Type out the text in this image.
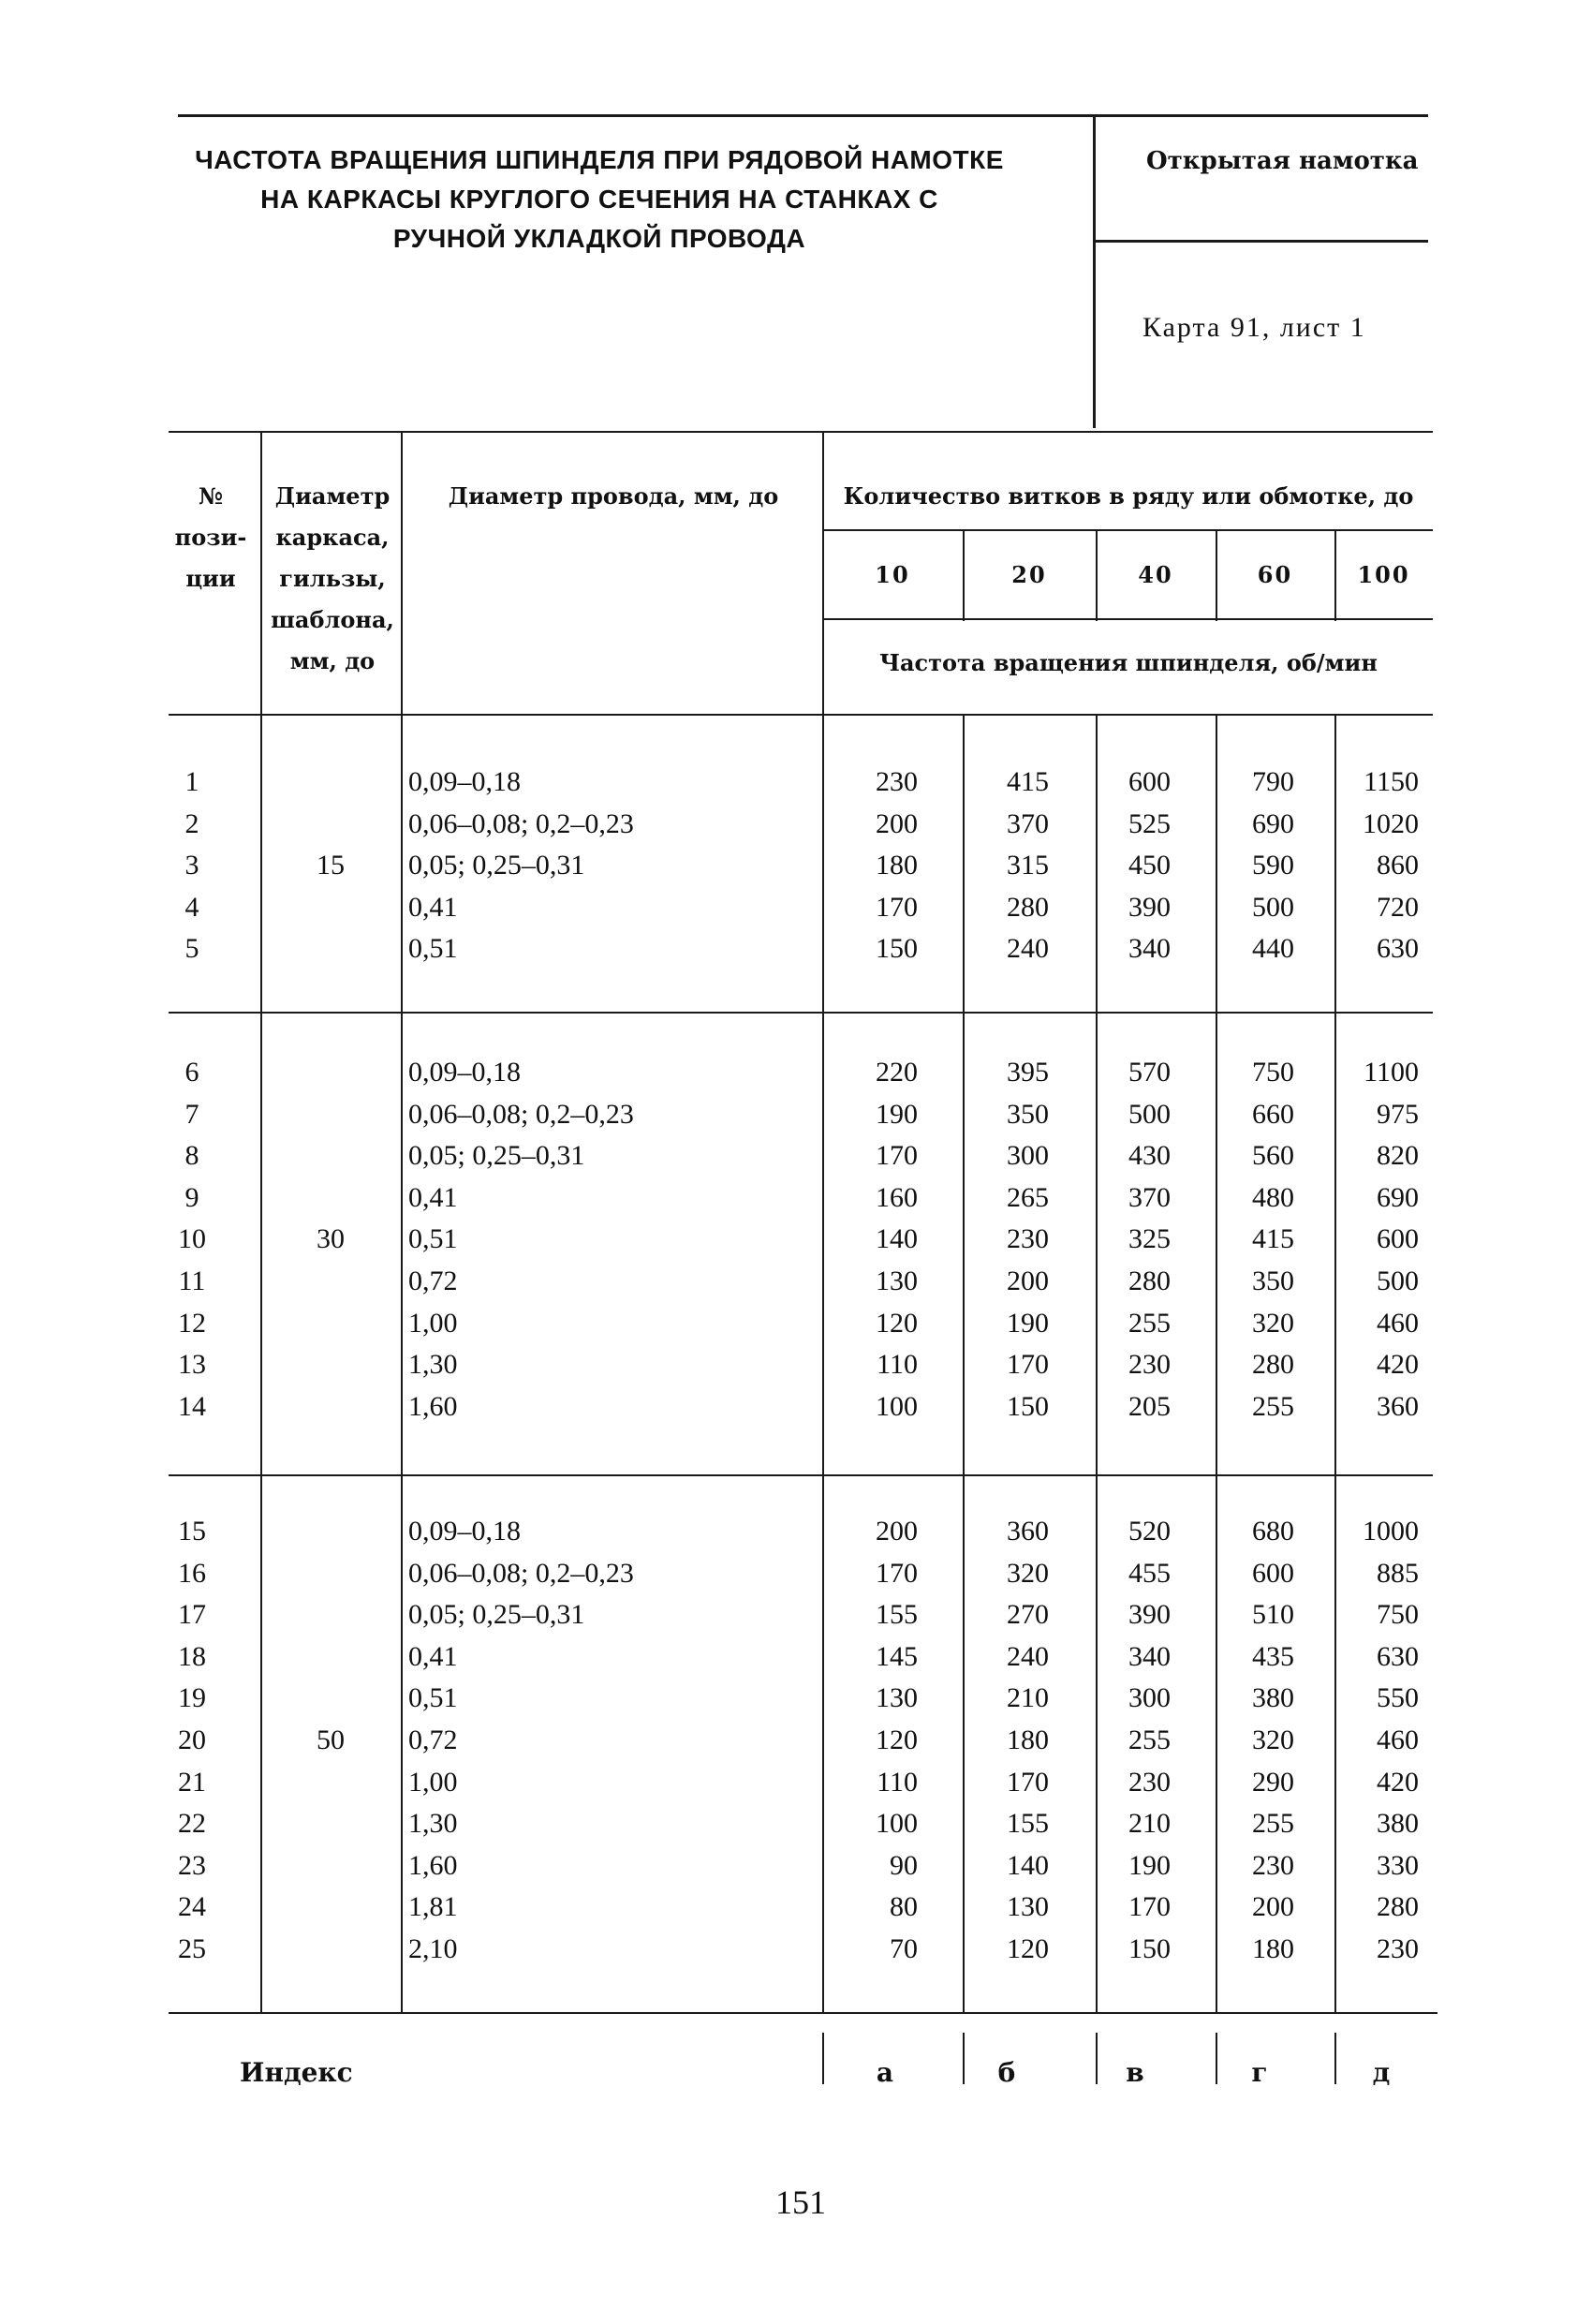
ЧАСТОТА ВРАЩЕНИЯ ШПИНДЕЛЯ ПРИ РЯДОВОЙ НАМОТКЕ
НА КАРКАСЫ КРУГЛОГО СЕЧЕНИЯ НА СТАНКАХ С
РУЧНОЙ УКЛАДКОЙ ПРОВОДА
Открытая намотка
Карта 91, лист 1
№
пози-
ции
Диаметр
каркаса,
гильзы,
шаблона,
мм, до
Диаметр провода, мм, до	Количество витков в ряду или обмотке, до
Частота вращения шпинделя, об/мин
10	20	40	60	100
15
1	0,09–0,18	230	415	600	790	1150
2	0,06–0,08; 0,2–0,23	200	370	525	690	1020
3	0,05; 0,25–0,31	180	315	450	590	860
4	0,41	170	280	390	500	720
5	0,51	150	240	340	440	630
30
6	0,09–0,18	220	395	570	750	1100
7	0,06–0,08; 0,2–0,23	190	350	500	660	975
8	0,05; 0,25–0,31	170	300	430	560	820
9	0,41	160	265	370	480	690
10	0,51	140	230	325	415	600
11	0,72	130	200	280	350	500
12	1,00	120	190	255	320	460
13	1,30	110	170	230	280	420
14	1,60	100	150	205	255	360
50
15	0,09–0,18	200	360	520	680	1000
16	0,06–0,08; 0,2–0,23	170	320	455	600	885
17	0,05; 0,25–0,31	155	270	390	510	750
18	0,41	145	240	340	435	630
19	0,51	130	210	300	380	550
20	0,72	120	180	255	320	460
21	1,00	110	170	230	290	420
22	1,30	100	155	210	255	380
23	1,60	90	140	190	230	330
24	1,81	80	130	170	200	280
25	2,10	70	120	150	180	230
Индекс	а	б	в	г	д
151
